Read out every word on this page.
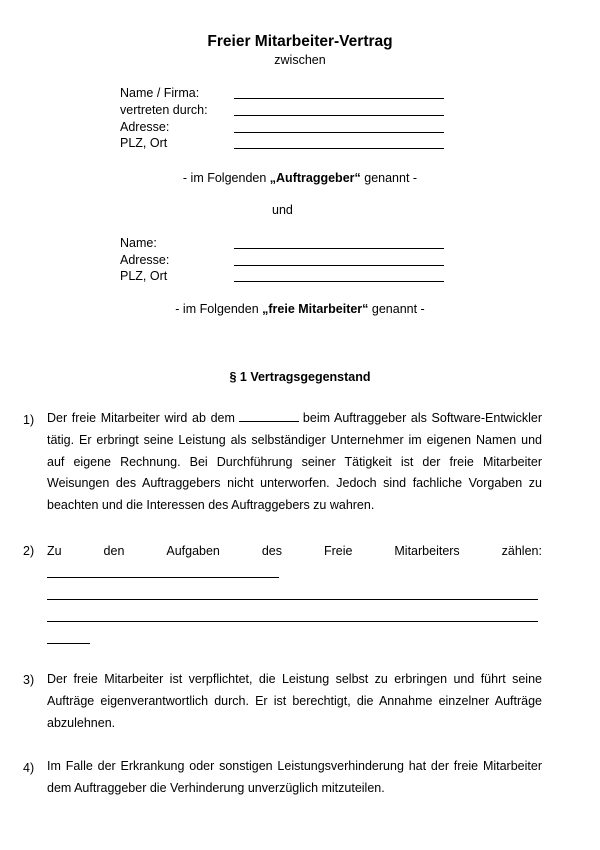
Freier Mitarbeiter-Vertrag
zwischen
Name / Firma:
vertreten durch:
Adresse:
PLZ, Ort
- im Folgenden „Auftraggeber“ genannt -
und
Name:
Adresse:
PLZ, Ort
- im Folgenden „freie Mitarbeiter“ genannt -
§ 1 Vertragsgegenstand
1) Der freie Mitarbeiter wird ab dem	beim Auftraggeber als Software-Entwickler tätig. Er erbringt seine Leistung als selbständiger Unternehmer im eigenen Namen und auf eigene Rechnung. Bei Durchführung seiner Tätigkeit ist der freie Mitarbeiter Weisungen des Auftraggebers nicht unterworfen. Jedoch sind fachliche Vorgaben zu beachten und die Interessen des Auftraggebers zu wahren.
2) Zu	den	Aufgaben	des	Freie	Mitarbeiters	zählen:
3) Der freie Mitarbeiter ist verpflichtet, die Leistung selbst zu erbringen und führt seine Aufträge eigenverantwortlich durch. Er ist berechtigt, die Annahme einzelner Aufträge abzulehnen.
4) Im Falle der Erkrankung oder sonstigen Leistungsverhinderung hat der freie Mitarbeiter dem Auftraggeber die Verhinderung unverzüglich mitzuteilen.
